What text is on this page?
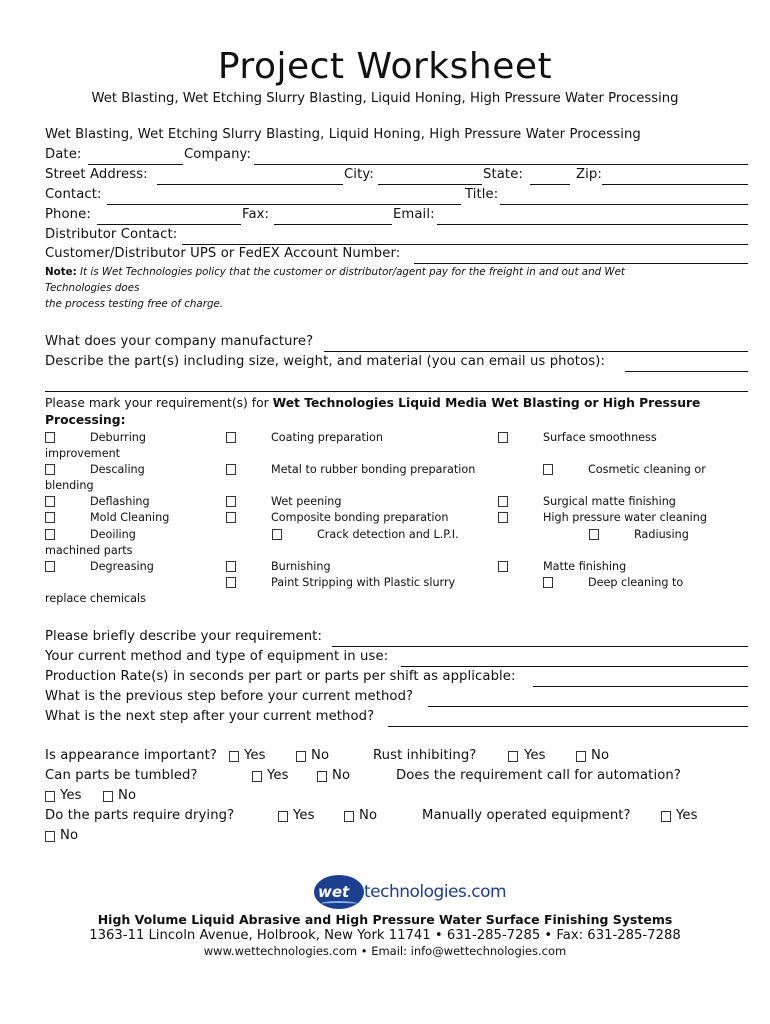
Project Worksheet
Wet Blasting, Wet Etching Slurry Blasting, Liquid Honing, High Pressure Water Processing
Wet Blasting, Wet Etching Slurry Blasting, Liquid Honing, High Pressure Water Processing
Date:	Company:
Street Address:	City:	State:	Zip:
Contact:	Title:
Phone:	Fax:	Email:
Distributor Contact:
Customer/Distributor UPS or FedEX Account Number:
Note: It is Wet Technologies policy that the customer or distributor/agent pay for the freight in and out and Wet
Technologies does
the process testing free of charge.
What does your company manufacture?
Describe the part(s) including size, weight, and material (you can email us photos):
Please mark your requirement(s) for Wet Technologies Liquid Media Wet Blasting or High Pressure
Processing:
Deburring	Coating preparation	Surface smoothness
improvement
Descaling	Metal to rubber bonding preparation	Cosmetic cleaning or
blending
Deflashing	Wet peening	Surgical matte finishing
Mold Cleaning	Composite bonding preparation	High pressure water cleaning
Deoiling	Crack detection and L.P.I.	Radiusing
machined parts
Degreasing	Burnishing	Matte finishing
Paint Stripping with Plastic slurry	Deep cleaning to
replace chemicals
Please briefly describe your requirement:
Your current method and type of equipment in use:
Production Rate(s) in seconds per part or parts per shift as applicable:
What is the previous step before your current method?
What is the next step after your current method?
Is appearance important? Yes	No	Rust inhibiting?	Yes	No
Can parts be tumbled?	Yes	No	Does the requirement call for automation?
Yes	No
Do the parts require drying?	Yes	No	Manually operated equipment?	Yes
No
wet technologies.com
High Volume Liquid Abrasive and High Pressure Water Surface Finishing Systems
1363-11 Lincoln Avenue, Holbrook, New York 11741 • 631-285-7285 • Fax: 631-285-7288
www.wettechnologies.com • Email: info@wettechnologies.com
